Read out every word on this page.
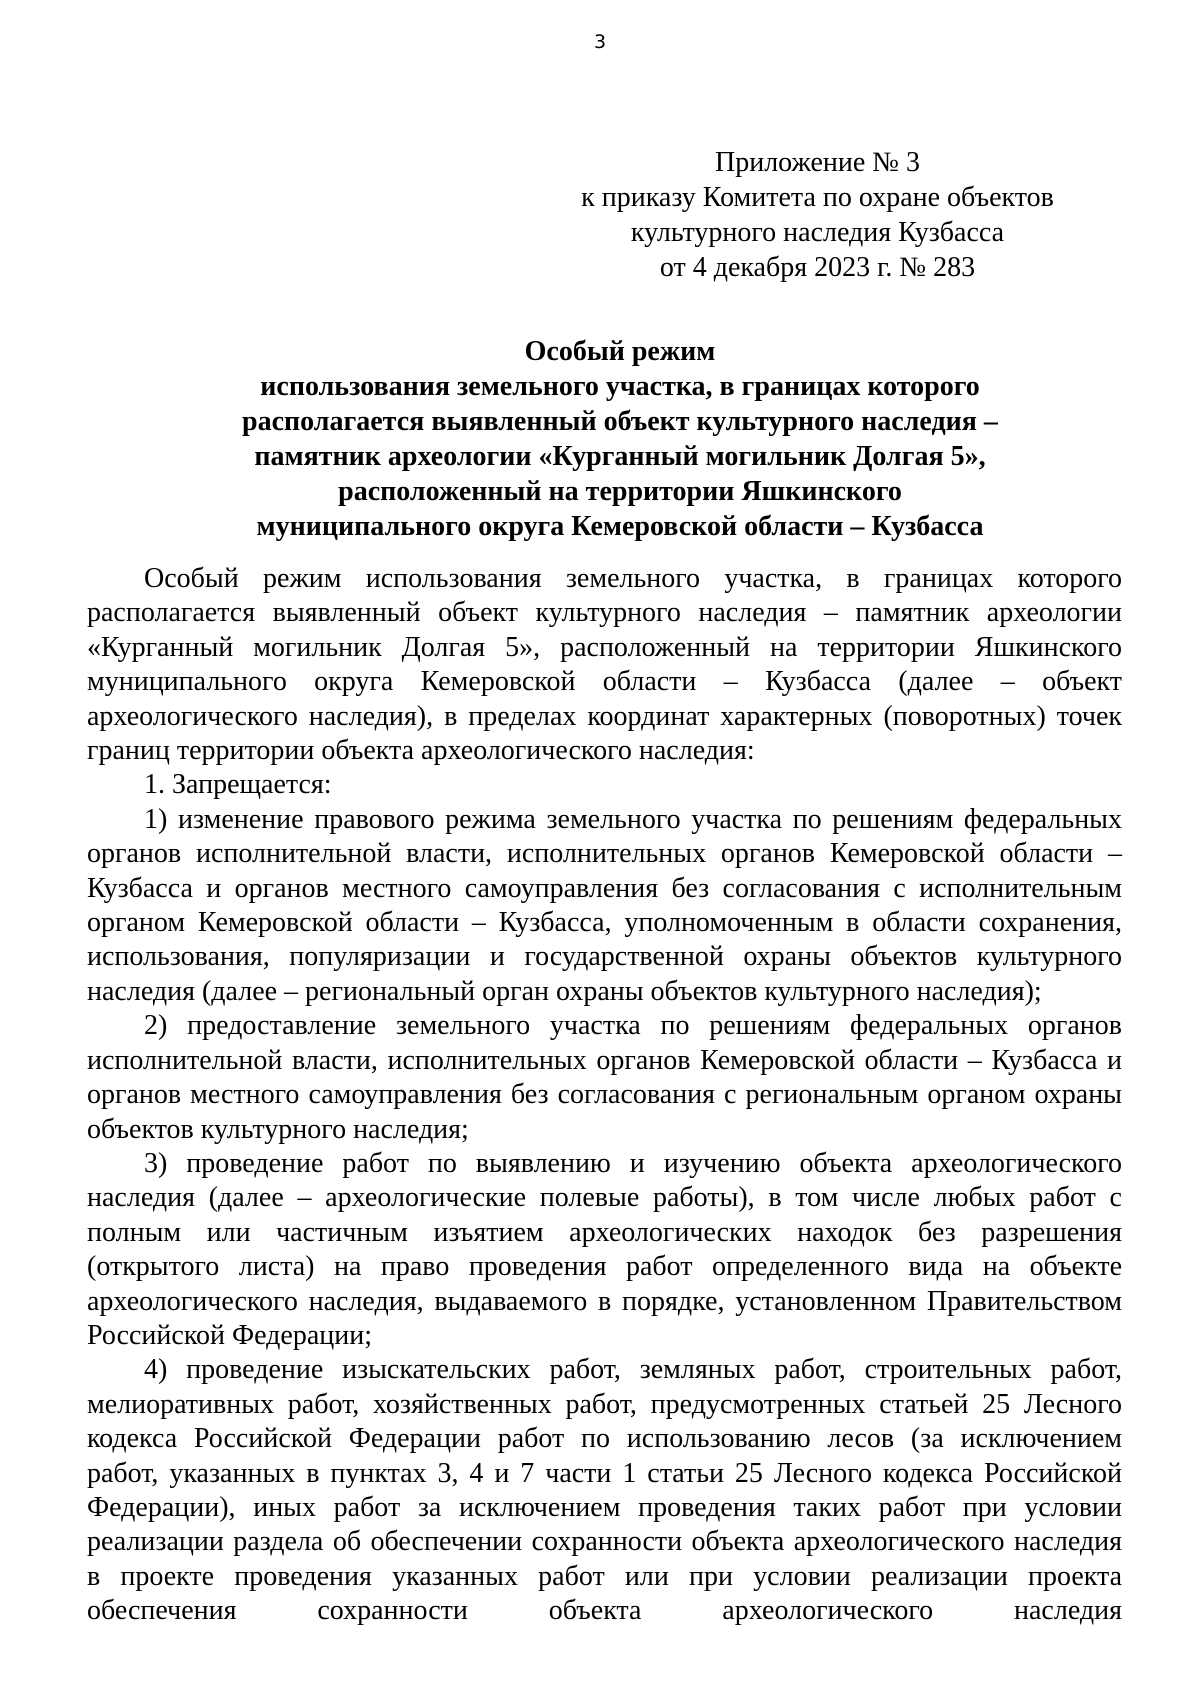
3
Приложение № 3
к приказу Комитета по охране объектов
культурного наследия Кузбасса
от 4 декабря 2023 г. № 283
Особый режим
использования земельного участка, в границах которого
располагается выявленный объект культурного наследия –
памятник археологии «Курганный могильник Долгая 5»,
расположенный на территории Яшкинского
муниципального округа Кемеровской области – Кузбасса

Особый режим использования земельного участка, в границах которого располагается выявленный объект культурного наследия – памятник археологии «Курганный могильник Долгая 5», расположенный на территории Яшкинского муниципального округа Кемеровской области – Кузбасса (далее – объект археологического наследия), в пределах координат характерных (поворотных) точек границ территории объекта археологического наследия:

1. Запрещается:

1) изменение правового режима земельного участка по решениям федеральных органов исполнительной власти, исполнительных органов Кемеровской области – Кузбасса и органов местного самоуправления без согласования с исполнительным органом Кемеровской области – Кузбасса, уполномоченным в области сохранения, использования, популяризации и государственной охраны объектов культурного наследия (далее – региональный орган охраны объектов культурного наследия);

2) предоставление земельного участка по решениям федеральных органов исполнительной власти, исполнительных органов Кемеровской области – Кузбасса и органов местного самоуправления без согласования с региональным органом охраны объектов культурного наследия;

3) проведение работ по выявлению и изучению объекта археологического наследия (далее – археологические полевые работы), в том числе любых работ с полным или частичным изъятием археологических находок без разрешения (открытого листа) на право проведения работ определенного вида на объекте археологического наследия, выдаваемого в порядке, установленном Правительством Российской Федерации;

4) проведение изыскательских работ, земляных работ, строительных работ, мелиоративных работ, хозяйственных работ, предусмотренных статьей 25 Лесного кодекса Российской Федерации работ по использованию лесов (за исключением работ, указанных в пунктах 3, 4 и 7 части 1 статьи 25 Лесного кодекса Российской Федерации), иных работ за исключением проведения таких работ при условии реализации раздела об обеспечении сохранности объекта археологического наследия в проекте проведения указанных работ или при условии реализации проекта обеспечения сохранности объекта археологического наследия
